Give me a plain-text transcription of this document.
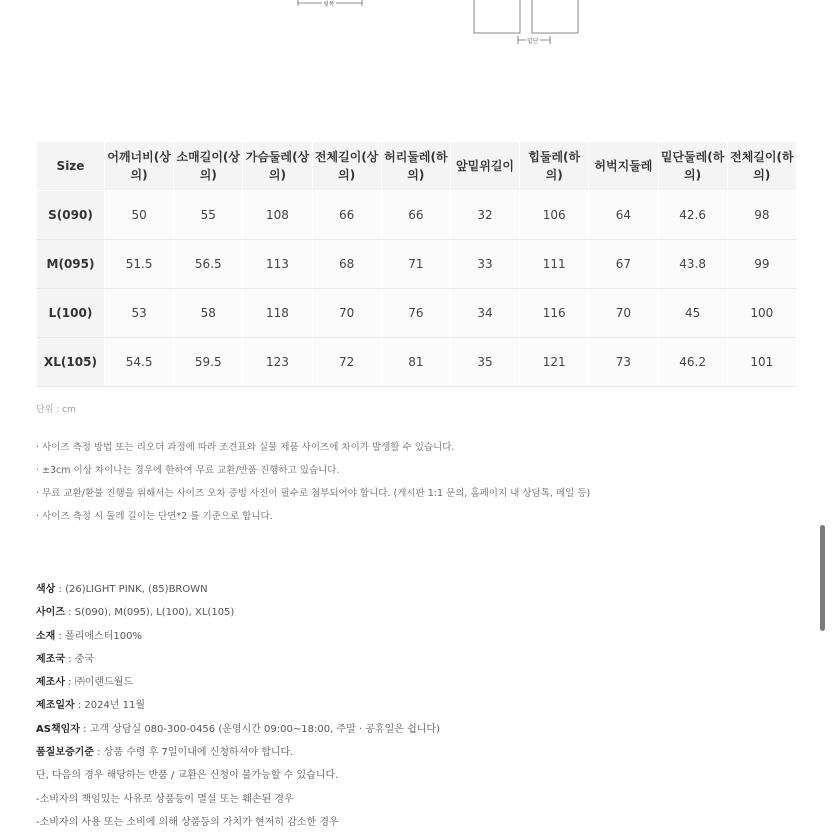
윗폭
밑단
Size	어깨너비(상의)	소매길이(상의)	가슴둘레(상의)	전체길이(상의)	허리둘레(하의)	앞밑위길이	힙둘레(하의)	허벅지둘레	밑단둘레(하의)	전체길이(하의)
S(090)	50	55	108	66	66	32	106	64	42.6	98
M(095)	51.5	56.5	113	68	71	33	111	67	43.8	99
L(100)	53	58	118	70	76	34	116	70	45	100
XL(105)	54.5	59.5	123	72	81	35	121	73	46.2	101
단위 : cm
· 사이즈 측정 방법 또는 리오더 과정에 따라 조견표와 실물 제품 사이즈에 차이가 발생할 수 있습니다.
· ±3cm 이상 차이나는 경우에 한하여 무료 교환/반품 진행하고 있습니다.
· 무료 교환/환불 진행을 위해서는 사이즈 오차 증빙 사진이 필수로 첨부되어야 합니다. (게시판 1:1 문의, 홈페이지 내 상담톡, 메일 등)
· 사이즈 측정 시 둘레 길이는 단면*2 를 기준으로 합니다.
색상 : (26)LIGHT PINK, (85)BROWN
사이즈 : S(090), M(095), L(100), XL(105)
소재 : 폴리에스터100%
제조국 : 중국
제조사 : ㈜이랜드월드
제조일자 : 2024년 11월
AS책임자 : 고객 상담실 080-300-0456 (운영시간 09:00~18:00, 주말 · 공휴일은 쉽니다)
품질보증기준 : 상품 수령 후 7일이내에 신청하셔야 합니다.
단, 다음의 경우 해당하는 반품 / 교환은 신청이 불가능할 수 있습니다.
-소비자의 책임있는 사유로 상품등이 멸실 또는 훼손된 경우
-소비자의 사용 또는 소비에 의해 상품등의 가치가 현저히 감소한 경우
